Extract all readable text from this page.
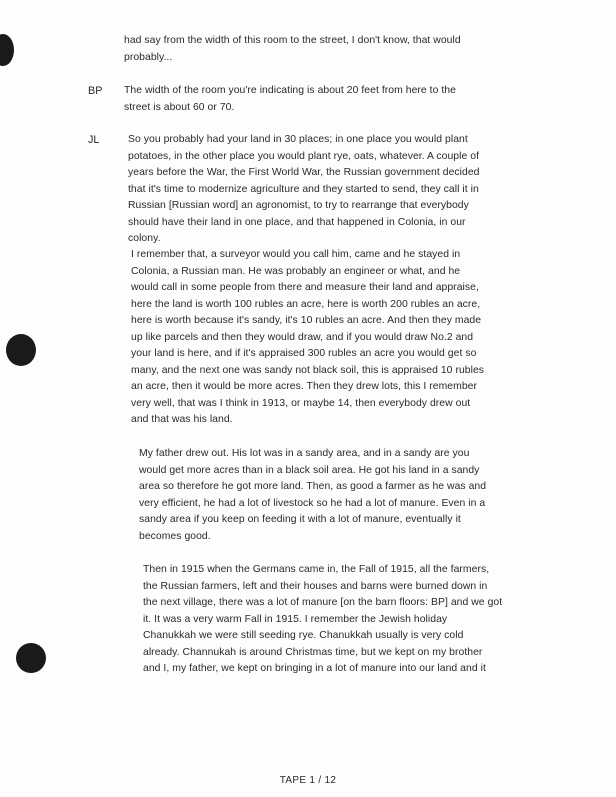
had say from the width of this room to the street, I don't know, that would
probably...
BP The width of the room you're indicating is about 20 feet from here to the
street is about 60 or 70.
JL	So you probably had your land in 30 places; in one place you would plant
potatoes, in the other place you would plant rye, oats, whatever. A couple of
years before the War, the First World War, the Russian government decided
that it's time to modernize agriculture and they started to send, they call it in
Russian [Russian word] an agronomist, to try to rearrange that everybody
should have their land in one place, and that happened in Colonia, in our
colony.
I remember that, a surveyor would you call him, came and he stayed in
Colonia, a Russian man. He was probably an engineer or what, and he
would call in some people from there and measure their land and appraise,
here the land is worth 100 rubles an acre, here is worth 200 rubles an acre,
here is worth because it's sandy, it's 10 rubles an acre. And then they made
up like parcels and then they would draw, and if you would draw No.2 and
your land is here, and if it's appraised 300 rubles an acre you would get so
many, and the next one was sandy not black soil, this is appraised 10 rubles
an acre, then it would be more acres. Then they drew lots, this I remember
very well, that was I think in 1913, or maybe 14, then everybody drew out
and that was his land.
My father drew out. His lot was in a sandy area, and in a sandy are you
would get more acres than in a black soil area. He got his land in a sandy
area so therefore he got more land. Then, as good a farmer as he was and
very efficient, he had a lot of livestock so he had a lot of manure. Even in a
sandy area if you keep on feeding it with a lot of manure, eventually it
becomes good.
Then in 1915 when the Germans came in, the Fall of 1915, all the farmers,
the Russian farmers, left and their houses and barns were burned down in
the next village, there was a lot of manure [on the barn floors: BP] and we got
it. It was a very warm Fall in 1915. I remember the Jewish holiday
Chanukkah we were still seeding rye. Chanukkah usually is very cold
already. Channukah is around Christmas time, but we kept on my brother
and I, my father, we kept on bringing in a lot of manure into our land and it
TAPE 1 / 12
